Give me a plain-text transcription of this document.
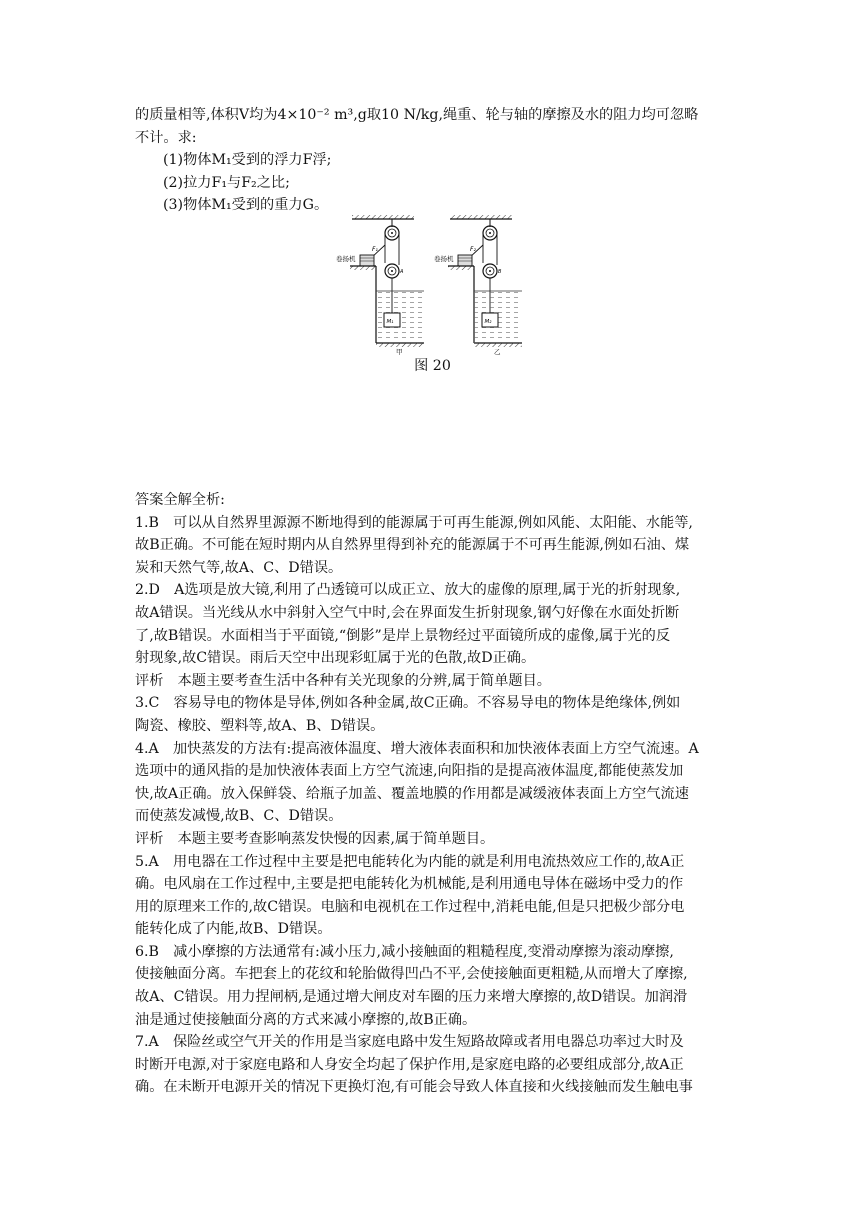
的质量相等,体积V均为4×10⁻² m³,g取10 N/kg,绳重、轮与轴的摩擦及水的阻力均可忽略
不计。求:
(1)物体M₁受到的浮力F浮;
(2)拉力F₁与F₂之比;
(3)物体M₁受到的重力G。
A
卷扬机
F₁
M₁
甲
B
卷扬机
F₂
M₂
乙
图 20
答案全解全析:
1.B　可以从自然界里源源不断地得到的能源属于可再生能源,例如风能、太阳能、水能等,
故B正确。不可能在短时期内从自然界里得到补充的能源属于不可再生能源,例如石油、煤
炭和天然气等,故A、C、D错误。
2.D　A选项是放大镜,利用了凸透镜可以成正立、放大的虚像的原理,属于光的折射现象,
故A错误。当光线从水中斜射入空气中时,会在界面发生折射现象,钢勺好像在水面处折断
了,故B错误。水面相当于平面镜,“倒影”是岸上景物经过平面镜所成的虚像,属于光的反
射现象,故C错误。雨后天空中出现彩虹属于光的色散,故D正确。
评析　本题主要考查生活中各种有关光现象的分辨,属于简单题目。
3.C　容易导电的物体是导体,例如各种金属,故C正确。不容易导电的物体是绝缘体,例如
陶瓷、橡胶、塑料等,故A、B、D错误。
4.A　加快蒸发的方法有:提高液体温度、增大液体表面积和加快液体表面上方空气流速。A
选项中的通风指的是加快液体表面上方空气流速,向阳指的是提高液体温度,都能使蒸发加
快,故A正确。放入保鲜袋、给瓶子加盖、覆盖地膜的作用都是减缓液体表面上方空气流速
而使蒸发减慢,故B、C、D错误。
评析　本题主要考查影响蒸发快慢的因素,属于简单题目。
5.A　用电器在工作过程中主要是把电能转化为内能的就是利用电流热效应工作的,故A正
确。电风扇在工作过程中,主要是把电能转化为机械能,是利用通电导体在磁场中受力的作
用的原理来工作的,故C错误。电脑和电视机在工作过程中,消耗电能,但是只把极少部分电
能转化成了内能,故B、D错误。
6.B　减小摩擦的方法通常有:减小压力,减小接触面的粗糙程度,变滑动摩擦为滚动摩擦,
使接触面分离。车把套上的花纹和轮胎做得凹凸不平,会使接触面更粗糙,从而增大了摩擦,
故A、C错误。用力捏闸柄,是通过增大闸皮对车圈的压力来增大摩擦的,故D错误。加润滑
油是通过使接触面分离的方式来减小摩擦的,故B正确。
7.A　保险丝或空气开关的作用是当家庭电路中发生短路故障或者用电器总功率过大时及
时断开电源,对于家庭电路和人身安全均起了保护作用,是家庭电路的必要组成部分,故A正
确。在未断开电源开关的情况下更换灯泡,有可能会导致人体直接和火线接触而发生触电事
